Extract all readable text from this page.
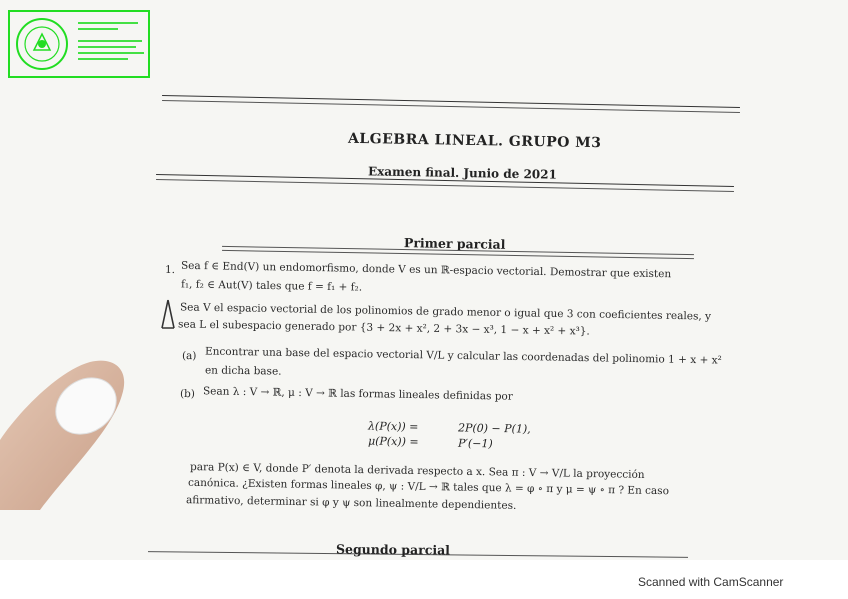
ALGEBRA LINEAL. GRUPO M3
Examen final. Junio de 2021
Primer parcial
1. Sea f ∈ End(V) un endomorfismo, donde V es un ℝ-espacio vectorial. Demostrar que existen
f₁, f₂ ∈ Aut(V) tales que f = f₁ + f₂.
Sea V el espacio vectorial de los polinomios de grado menor o igual que 3 con coeficientes reales, y
sea L el subespacio generado por {3 + 2x + x², 2 + 3x − x³, 1 − x + x² + x³}.
(a) Encontrar una base del espacio vectorial V/L y calcular las coordenadas del polinomio 1 + x + x²
en dicha base.
(b) Sean λ : V → ℝ, μ : V → ℝ las formas lineales definidas por
λ(P(x)) =	2P(0) − P(1),
μ(P(x)) =	P′(−1)
para P(x) ∈ V, donde P′ denota la derivada respecto a x. Sea π : V → V/L la proyección
canónica. ¿Existen formas lineales φ, ψ : V/L → ℝ tales que λ = φ ∘ π y μ = ψ ∘ π ? En caso
afirmativo, determinar si φ y ψ son linealmente dependientes.
Segundo parcial
Scanned with CamScanner
